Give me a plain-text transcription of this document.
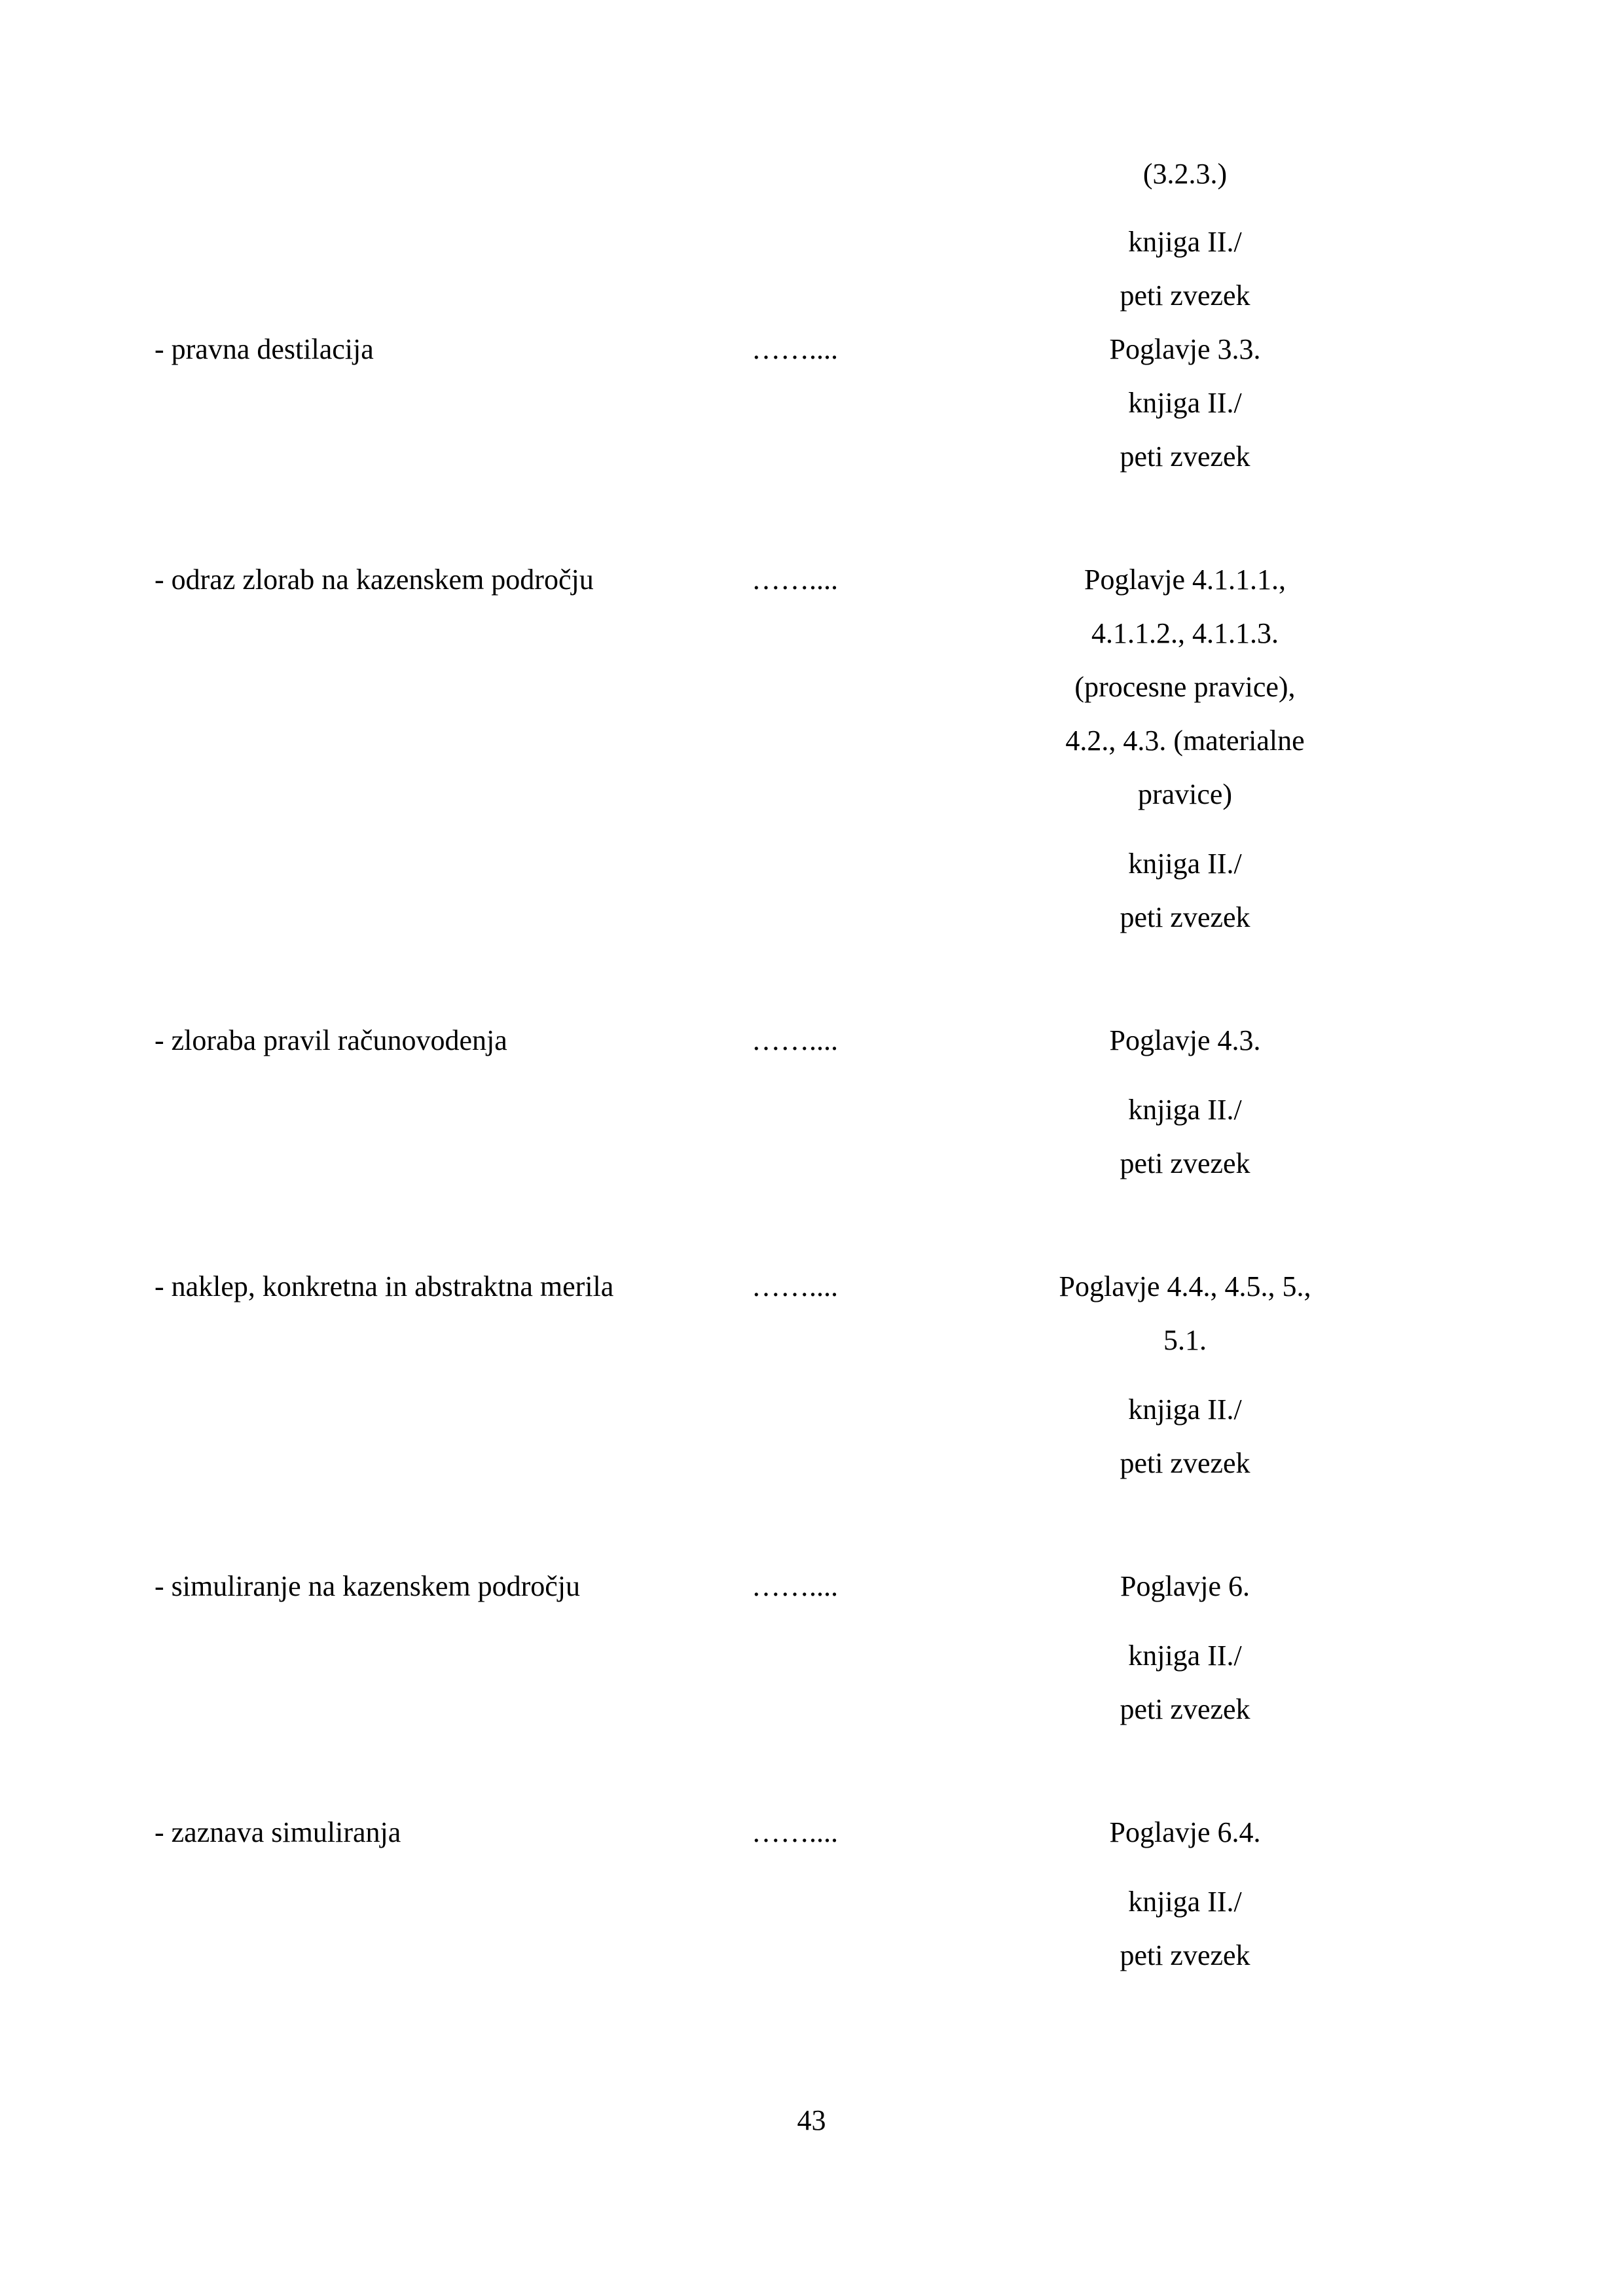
(3.2.3.)
knjiga II./
peti zvezek
- pravna destilacija	……....	Poglavje 3.3.
knjiga II./
peti zvezek
- odraz zlorab na kazenskem področju	……....	Poglavje 4.1.1.1.,
4.1.1.2., 4.1.1.3.
(procesne pravice),
4.2., 4.3. (materialne
pravice)
knjiga II./
peti zvezek
- zloraba pravil računovodenja	……....	Poglavje 4.3.
knjiga II./
peti zvezek
- naklep, konkretna in abstraktna merila	……....	Poglavje 4.4., 4.5., 5.,
5.1.
knjiga II./
peti zvezek
- simuliranje na kazenskem področju	……....	Poglavje 6.
knjiga II./
peti zvezek
- zaznava simuliranja	……....	Poglavje 6.4.
knjiga II./
peti zvezek
43
